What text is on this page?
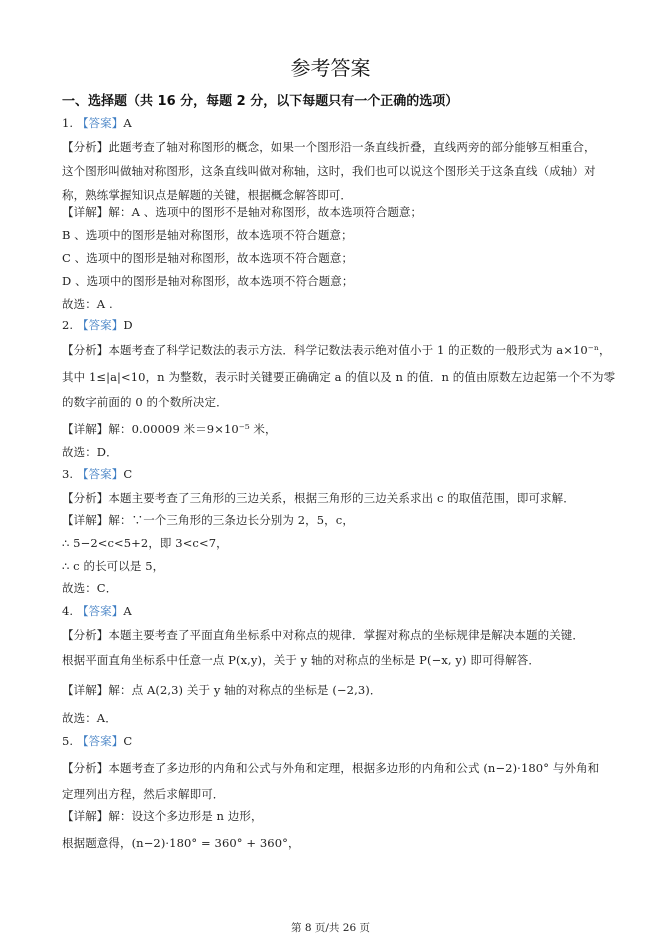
参考答案
一、选择题（共 16 分，每题 2 分，以下每题只有一个正确的选项）
1. 【答案】A
【分析】此题考查了轴对称图形的概念，如果一个图形沿一条直线折叠，直线两旁的部分能够互相重合，
这个图形叫做轴对称图形，这条直线叫做对称轴，这时，我们也可以说这个图形关于这条直线（成轴）对
称，熟练掌握知识点是解题的关键，根据概念解答即可．
【详解】解：A 、选项中的图形不是轴对称图形，故本选项符合题意；
B 、选项中的图形是轴对称图形，故本选项不符合题意；
C 、选项中的图形是轴对称图形，故本选项不符合题意；
D 、选项中的图形是轴对称图形，故本选项不符合题意；
故选：A .
2. 【答案】D
【分析】本题考查了科学记数法的表示方法．科学记数法表示绝对值小于 1 的正数的一般形式为 a×10⁻ⁿ，
其中 1≤|a|<10，n 为整数，表示时关键要正确确定 a 的值以及 n 的值．n 的值由原数左边起第一个不为零
的数字前面的 0 的个数所决定．
【详解】解：0.00009 米＝9×10⁻⁵ 米，
故选：D．
3. 【答案】C
【分析】本题主要考查了三角形的三边关系，根据三角形的三边关系求出 c 的取值范围，即可求解．
【详解】解：∵一个三角形的三条边长分别为 2，5，c，
∴ 5−2<c<5+2，即 3<c<7，
∴ c 的长可以是 5，
故选：C．
4. 【答案】A
【分析】本题主要考查了平面直角坐标系中对称点的规律．掌握对称点的坐标规律是解决本题的关键．
根据平面直角坐标系中任意一点 P(x,y)，关于 y 轴的对称点的坐标是 P(−x, y) 即可得解答．
【详解】解：点 A(2,3) 关于 y 轴的对称点的坐标是 (−2,3)．
故选：A．
5. 【答案】C
【分析】本题考查了多边形的内角和公式与外角和定理，根据多边形的内角和公式 (n−2)·180° 与外角和
定理列出方程，然后求解即可．
【详解】解：设这个多边形是 n 边形，
根据题意得，(n−2)·180° = 360° + 360°，
第 8 页/共 26 页
